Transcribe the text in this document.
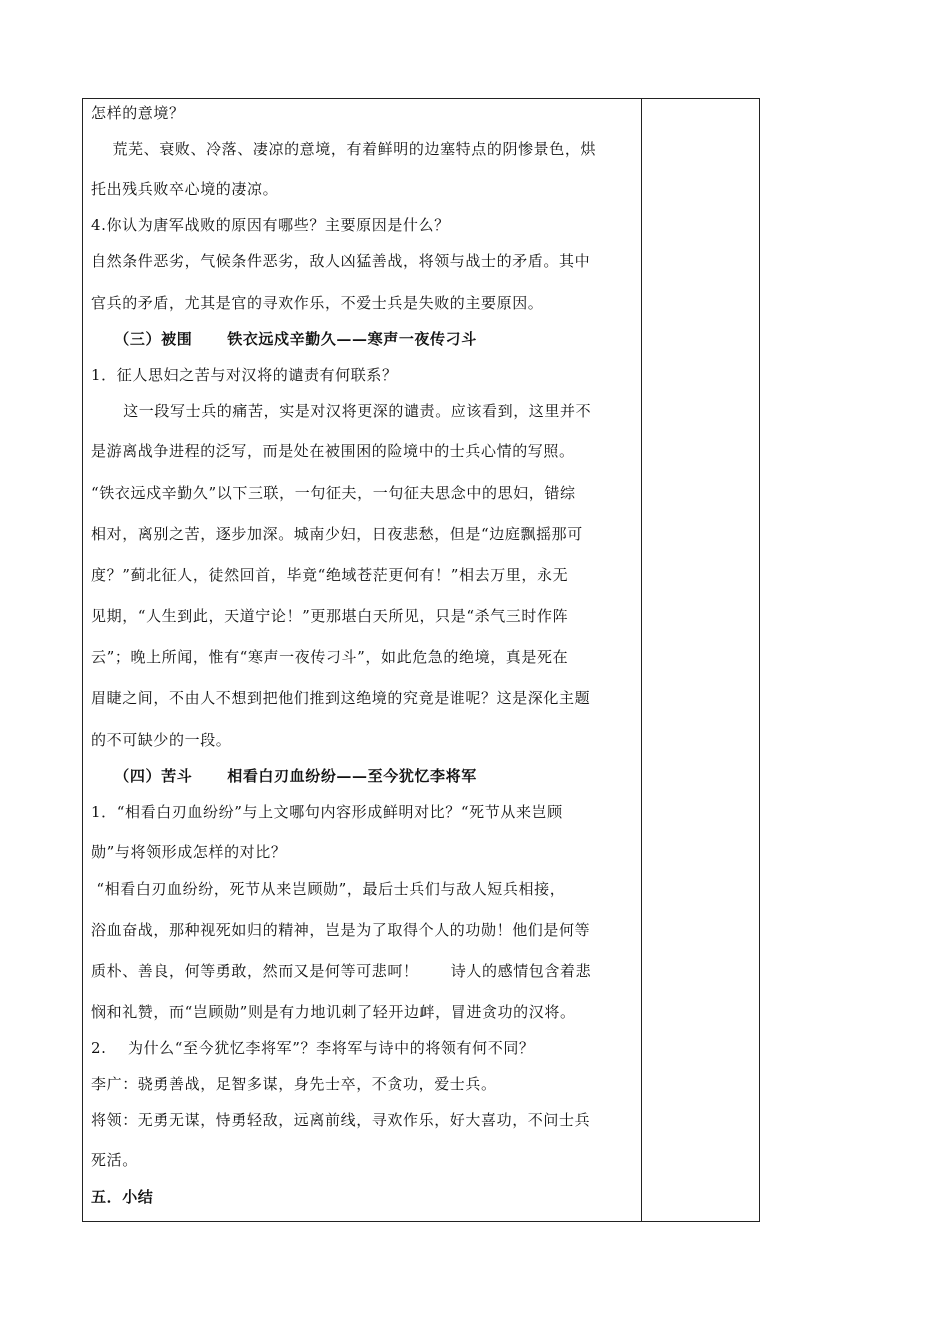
怎样的意境？
荒芜、衰败、冷落、凄凉的意境，有着鲜明的边塞特点的阴惨景色，烘
托出残兵败卒心境的凄凉。
4.你认为唐军战败的原因有哪些？主要原因是什么？
自然条件恶劣，气候条件恶劣，敌人凶猛善战，将领与战士的矛盾。其中
官兵的矛盾，尤其是官的寻欢作乐，不爱士兵是失败的主要原因。
（三）被围      铁衣远戍辛勤久——寒声一夜传刁斗
1．征人思妇之苦与对汉将的谴责有何联系？
这一段写士兵的痛苦，实是对汉将更深的谴责。应该看到，这里并不
是游离战争进程的泛写，而是处在被围困的险境中的士兵心情的写照。
“铁衣远戍辛勤久”以下三联，一句征夫，一句征夫思念中的思妇，错综
相对，离别之苦，逐步加深。城南少妇，日夜悲愁，但是“边庭飘摇那可
度？”蓟北征人，徒然回首，毕竟“绝域苍茫更何有！”相去万里，永无
见期，“人生到此，天道宁论！”更那堪白天所见，只是“杀气三时作阵
云”；晚上所闻，惟有“寒声一夜传刁斗”，如此危急的绝境，真是死在
眉睫之间，不由人不想到把他们推到这绝境的究竟是谁呢？这是深化主题
的不可缺少的一段。
（四）苦斗      相看白刃血纷纷——至今犹忆李将军
1．“相看白刃血纷纷”与上文哪句内容形成鲜明对比？“死节从来岂顾
勋”与将领形成怎样的对比？
“相看白刃血纷纷，死节从来岂顾勋”，最后士兵们与敌人短兵相接，
浴血奋战，那种视死如归的精神，岂是为了取得个人的功勋！他们是何等
质朴、善良，何等勇敢，然而又是何等可悲呵！      诗人的感情包含着悲
悯和礼赞，而“岂顾勋”则是有力地讥刺了轻开边衅，冒进贪功的汉将。
2.    为什么“至今犹忆李将军”？李将军与诗中的将领有何不同？
李广：骁勇善战，足智多谋，身先士卒，不贪功，爱士兵。
将领：无勇无谋，恃勇轻敌，远离前线，寻欢作乐，好大喜功，不问士兵
死活。
五．小结
